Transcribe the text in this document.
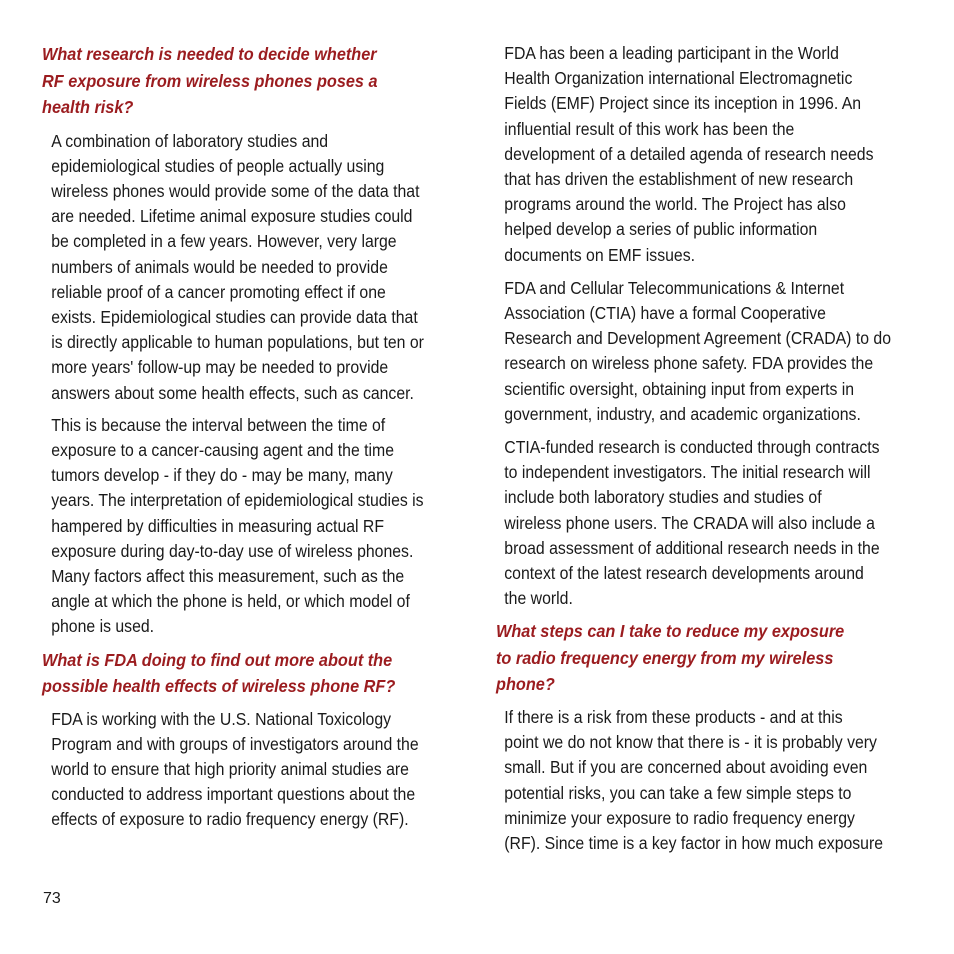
What research is needed to decide whether
RF exposure from wireless phones poses a
health risk?
A combination of laboratory studies and
epidemiological studies of people actually using
wireless phones would provide some of the data that
are needed. Lifetime animal exposure studies could
be completed in a few years. However, very large
numbers of animals would be needed to provide
reliable proof of a cancer promoting effect if one
exists. Epidemiological studies can provide data that
is directly applicable to human populations, but ten or
more years' follow-up may be needed to provide
answers about some health effects, such as cancer.
This is because the interval between the time of
exposure to a cancer-causing agent and the time
tumors develop - if they do - may be many, many
years. The interpretation of epidemiological studies is
hampered by difficulties in measuring actual RF
exposure during day-to-day use of wireless phones.
Many factors affect this measurement, such as the
angle at which the phone is held, or which model of
phone is used.
What is FDA doing to find out more about the
possible health effects of wireless phone RF?
FDA is working with the U.S. National Toxicology
Program and with groups of investigators around the
world to ensure that high priority animal studies are
conducted to address important questions about the
effects of exposure to radio frequency energy (RF).
FDA has been a leading participant in the World
Health Organization international Electromagnetic
Fields (EMF) Project since its inception in 1996. An
influential result of this work has been the
development of a detailed agenda of research needs
that has driven the establishment of new research
programs around the world. The Project has also
helped develop a series of public information
documents on EMF issues.
FDA and Cellular Telecommunications & Internet
Association (CTIA) have a formal Cooperative
Research and Development Agreement (CRADA) to do
research on wireless phone safety. FDA provides the
scientific oversight, obtaining input from experts in
government, industry, and academic organizations.
CTIA-funded research is conducted through contracts
to independent investigators. The initial research will
include both laboratory studies and studies of
wireless phone users. The CRADA will also include a
broad assessment of additional research needs in the
context of the latest research developments around
the world.
What steps can I take to reduce my exposure
to radio frequency energy from my wireless
phone?
If there is a risk from these products - and at this
point we do not know that there is - it is probably very
small. But if you are concerned about avoiding even
potential risks, you can take a few simple steps to
minimize your exposure to radio frequency energy
(RF). Since time is a key factor in how much exposure
73
